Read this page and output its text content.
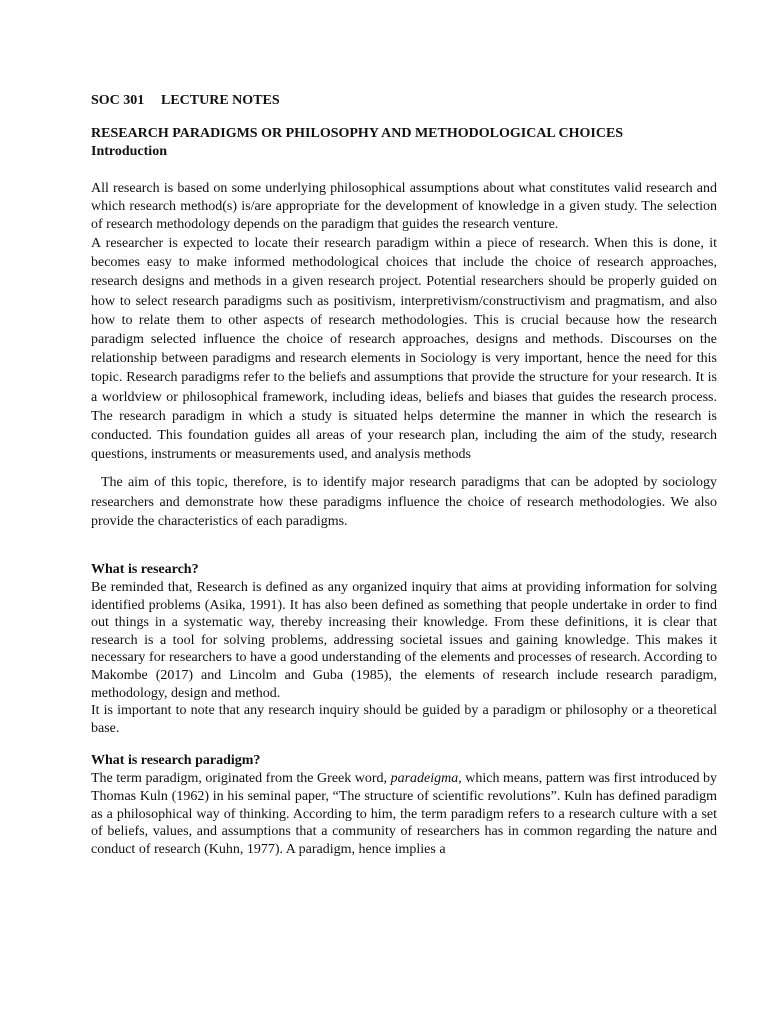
SOC 301 LECTURE NOTES
RESEARCH PARADIGMS OR PHILOSOPHY AND METHODOLOGICAL CHOICES
Introduction

All research is based on some underlying philosophical assumptions about what constitutes valid research and which research method(s) is/are appropriate for the development of knowledge in a given study. The selection of research methodology depends on the paradigm that guides the research venture.

A researcher is expected to locate their research paradigm within a piece of research. When this is done, it becomes easy to make informed methodological choices that include the choice of research approaches, research designs and methods in a given research project. Potential researchers should be properly guided on how to select research paradigms such as positivism, interpretivism/constructivism and pragmatism, and also how to relate them to other aspects of research methodologies. This is crucial because how the research paradigm selected influence the choice of research approaches, designs and methods. Discourses on the relationship between paradigms and research elements in Sociology is very important, hence the need for this topic. Research paradigms refer to the beliefs and assumptions that provide the structure for your research. It is a worldview or philosophical framework, including ideas, beliefs and biases that guides the research process. The research paradigm in which a study is situated helps determine the manner in which the research is conducted. This foundation guides all areas of your research plan, including the aim of the study, research questions, instruments or measurements used, and analysis methods

The aim of this topic, therefore, is to identify major research paradigms that can be adopted by sociology researchers and demonstrate how these paradigms influence the choice of research methodologies. We also provide the characteristics of each paradigms.

What is research?

Be reminded that, Research is defined as any organized inquiry that aims at providing information for solving identified problems (Asika, 1991). It has also been defined as something that people undertake in order to find out things in a systematic way, thereby increasing their knowledge. From these definitions, it is clear that research is a tool for solving problems, addressing societal issues and gaining knowledge. This makes it necessary for researchers to have a good understanding of the elements and processes of research. According to Makombe (2017) and Lincolm and Guba (1985), the elements of research include research paradigm, methodology, design and method.

It is important to note that any research inquiry should be guided by a paradigm or philosophy or a theoretical base.

What is research paradigm?

The term paradigm, originated from the Greek word, paradeigma, which means, pattern was first introduced by Thomas Kuln (1962) in his seminal paper, “The structure of scientific revolutions”. Kuln has defined paradigm as a philosophical way of thinking. According to him, the term paradigm refers to a research culture with a set of beliefs, values, and assumptions that a community of researchers has in common regarding the nature and conduct of research (Kuhn, 1977). A paradigm, hence implies a
